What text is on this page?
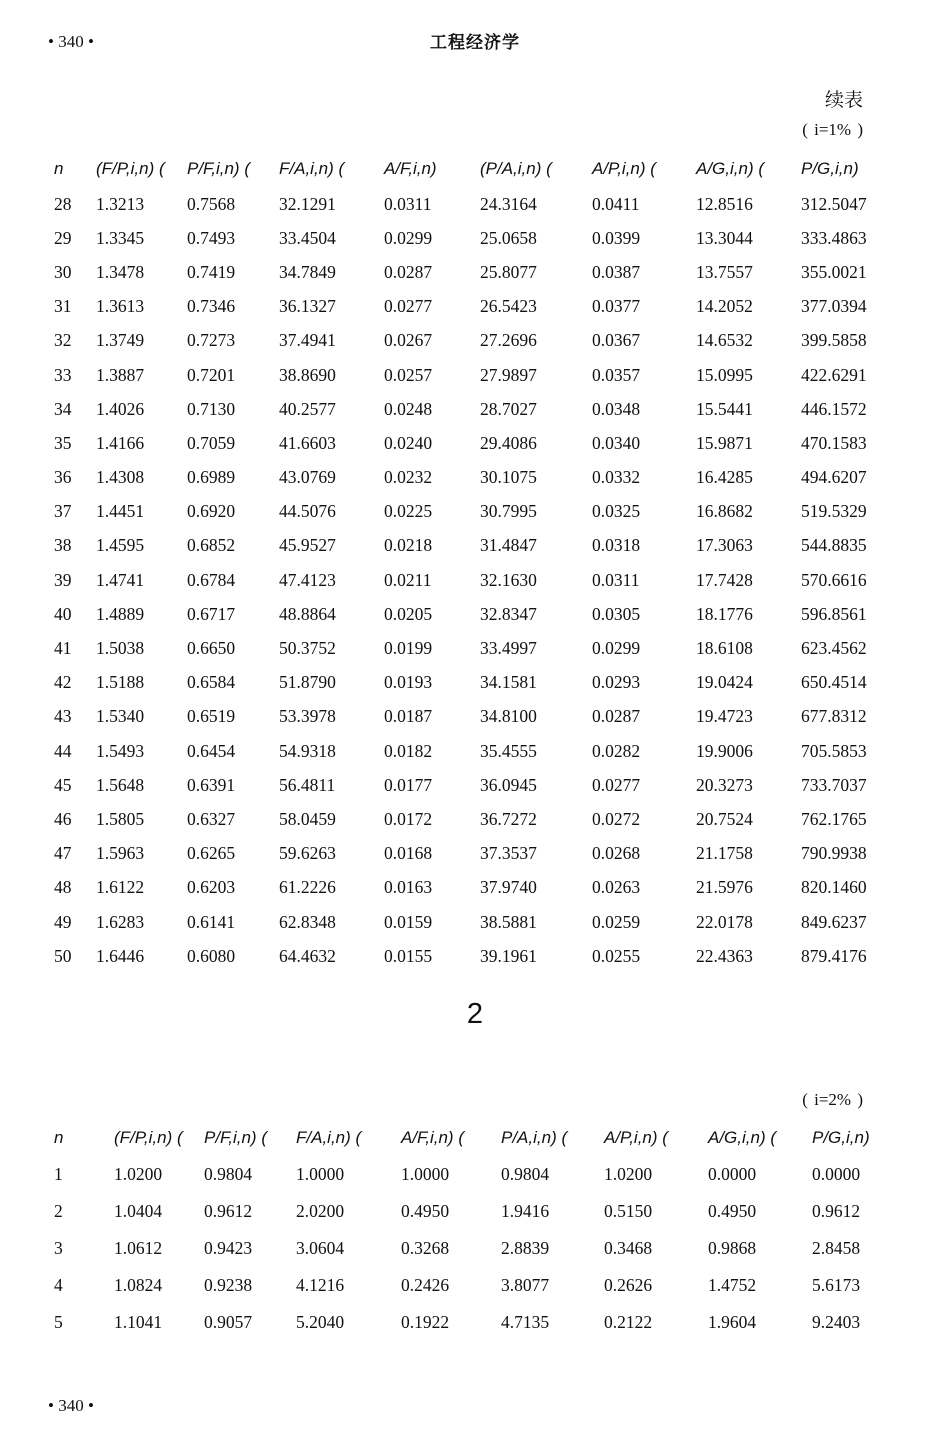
• 340 •	工程经济学
续表
( i=1% )
n	(F/P,i,n) (	P/F,i,n) (	F/A,i,n) (	A/F,i,n)	(P/A,i,n) (	A/P,i,n) (	A/G,i,n) (	P/G,i,n)
28	1.3213	0.7568	32.1291	0.0311	24.3164	0.0411	12.8516	312.5047
29	1.3345	0.7493	33.4504	0.0299	25.0658	0.0399	13.3044	333.4863
30	1.3478	0.7419	34.7849	0.0287	25.8077	0.0387	13.7557	355.0021
31	1.3613	0.7346	36.1327	0.0277	26.5423	0.0377	14.2052	377.0394
32	1.3749	0.7273	37.4941	0.0267	27.2696	0.0367	14.6532	399.5858
33	1.3887	0.7201	38.8690	0.0257	27.9897	0.0357	15.0995	422.6291
34	1.4026	0.7130	40.2577	0.0248	28.7027	0.0348	15.5441	446.1572
35	1.4166	0.7059	41.6603	0.0240	29.4086	0.0340	15.9871	470.1583
36	1.4308	0.6989	43.0769	0.0232	30.1075	0.0332	16.4285	494.6207
37	1.4451	0.6920	44.5076	0.0225	30.7995	0.0325	16.8682	519.5329
38	1.4595	0.6852	45.9527	0.0218	31.4847	0.0318	17.3063	544.8835
39	1.4741	0.6784	47.4123	0.0211	32.1630	0.0311	17.7428	570.6616
40	1.4889	0.6717	48.8864	0.0205	32.8347	0.0305	18.1776	596.8561
41	1.5038	0.6650	50.3752	0.0199	33.4997	0.0299	18.6108	623.4562
42	1.5188	0.6584	51.8790	0.0193	34.1581	0.0293	19.0424	650.4514
43	1.5340	0.6519	53.3978	0.0187	34.8100	0.0287	19.4723	677.8312
44	1.5493	0.6454	54.9318	0.0182	35.4555	0.0282	19.9006	705.5853
45	1.5648	0.6391	56.4811	0.0177	36.0945	0.0277	20.3273	733.7037
46	1.5805	0.6327	58.0459	0.0172	36.7272	0.0272	20.7524	762.1765
47	1.5963	0.6265	59.6263	0.0168	37.3537	0.0268	21.1758	790.9938
48	1.6122	0.6203	61.2226	0.0163	37.9740	0.0263	21.5976	820.1460
49	1.6283	0.6141	62.8348	0.0159	38.5881	0.0259	22.0178	849.6237
50	1.6446	0.6080	64.4632	0.0155	39.1961	0.0255	22.4363	879.4176
2
( i=2% )
n	(F/P,i,n) (	P/F,i,n) (	F/A,i,n) (	A/F,i,n) (	P/A,i,n) (	A/P,i,n) (	A/G,i,n) (	P/G,i,n)
1	1.0200	0.9804	1.0000	1.0000	0.9804	1.0200	0.0000	0.0000
2	1.0404	0.9612	2.0200	0.4950	1.9416	0.5150	0.4950	0.9612
3	1.0612	0.9423	3.0604	0.3268	2.8839	0.3468	0.9868	2.8458
4	1.0824	0.9238	4.1216	0.2426	3.8077	0.2626	1.4752	5.6173
5	1.1041	0.9057	5.2040	0.1922	4.7135	0.2122	1.9604	9.2403
• 340 •
